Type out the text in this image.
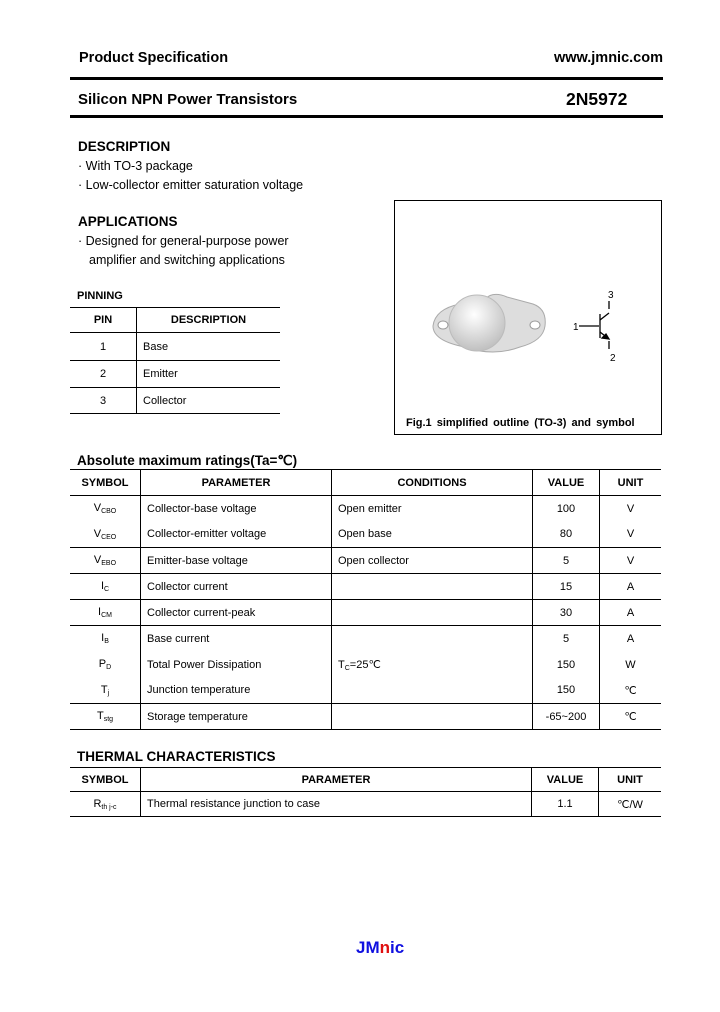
Product Specification	www.jmnic.com
Silicon NPN Power Transistors	2N5972
DESCRIPTION
· With TO-3 package
· Low-collector emitter saturation voltage
APPLICATIONS
· Designed for general-purpose power
amplifier and switching applications
PINNING
PIN	DESCRIPTION
1	Base
2	Emitter
3	Collector
1
2
3
Fig.1 simplified outline (TO-3) and symbol
Absolute maximum ratings(Ta=℃)
SYMBOL	PARAMETER	CONDITIONS	VALUE	UNIT
$V_{CBO}$	Collector-base voltage	Open emitter	100	V
$V_{CEO}$	Collector-emitter voltage	Open base	80	V
$V_{EBO}$	Emitter-base voltage	Open collector	5	V
$I_C$	Collector current		15	A
$I_{CM}$	Collector current-peak		30	A
$I_B$	Base current		5	A
$P_D$	Total Power Dissipation	$T_C=25℃$	150	W
$T_j$	Junction temperature		150	℃
$T_{stg}$	Storage temperature		-65~200	℃
THERMAL CHARACTERISTICS
SYMBOL	PARAMETER	VALUE	UNIT
$R_{th j-c}$	Thermal resistance junction to case	1.1	℃/W
JMnic
